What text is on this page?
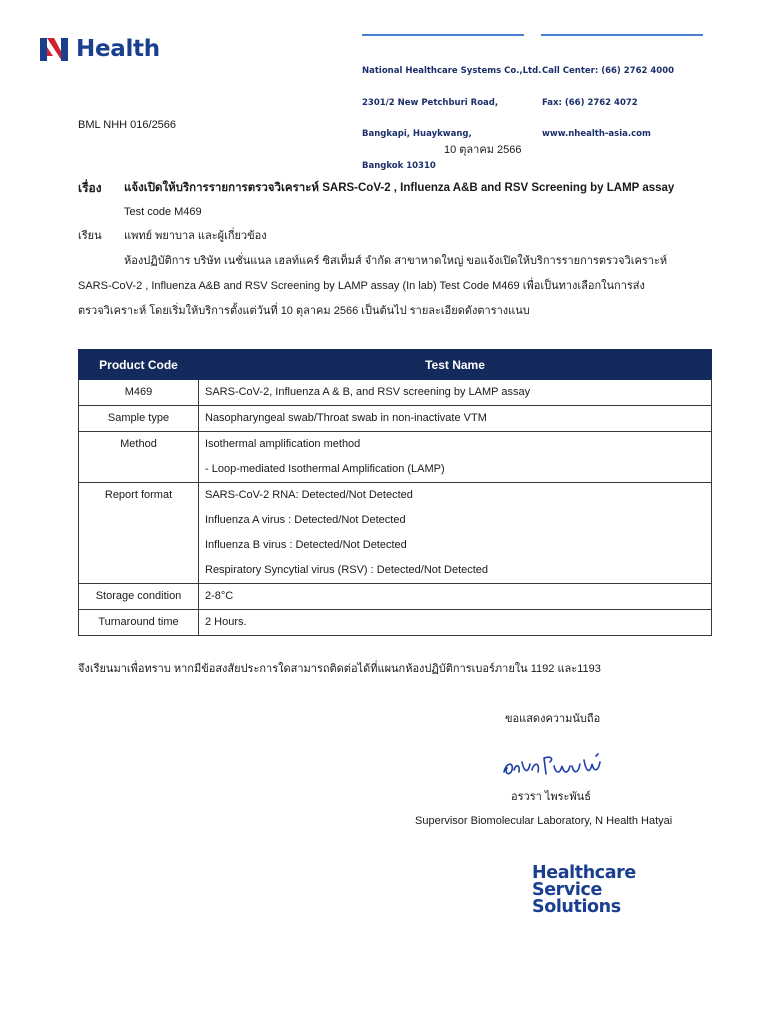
Health

National Healthcare Systems Co.,Ltd.

2301/2 New Petchburi Road,

Bangkapi, Huaykwang,

Bangkok 10310

Call Center: (66) 2762 4000

Fax: (66) 2762 4072

www.nhealth-asia.com

BML NHH 016/2566
10 ตุลาคม 2566
เรื่อง แจ้งเปิดให้บริการรายการตรวจวิเคราะห์ SARS-CoV-2 , Influenza A&B and RSV Screening by LAMP assay
Test code M469
เรียน แพทย์ พยาบาล และผู้เกี่ยวข้อง
ห้องปฏิบัติการ บริษัท เนชั่นแนล เฮลท์แคร์ ซิสเท็มส์ จำกัด สาขาหาดใหญ่ ขอแจ้งเปิดให้บริการรายการตรวจวิเคราะห์
SARS-CoV-2 , Influenza A&B and RSV Screening by LAMP assay (In lab) Test Code M469 เพื่อเป็นทางเลือกในการส่ง
ตรวจวิเคราะห์ โดยเริ่มให้บริการตั้งแต่วันที่ 10 ตุลาคม 2566 เป็นต้นไป รายละเอียดดังตารางแนบ
Product Code	Test Name

M469	SARS-CoV-2, Influenza A & B, and RSV screening by LAMP assay

Sample type	Nasopharyngeal swab/Throat swab in non-inactivate VTM

Method	Isothermal amplification method
- Loop-mediated Isothermal Amplification (LAMP)

Report format	SARS-CoV-2 RNA: Detected/Not Detected
Influenza A virus : Detected/Not Detected
Influenza B virus : Detected/Not Detected
Respiratory Syncytial virus (RSV) : Detected/Not Detected

Storage condition	2-8°C

Turnaround time	2 Hours.
จึงเรียนมาเพื่อทราบ หากมีข้อสงสัยประการใดสามารถติดต่อได้ที่แผนกห้องปฏิบัติการเบอร์ภายใน 1192 และ1193
ขอแสดงความนับถือ
อรวรา ไพระพันธ์
Supervisor Biomolecular Laboratory, N Health Hatyai
Healthcare
Service
Solutions
